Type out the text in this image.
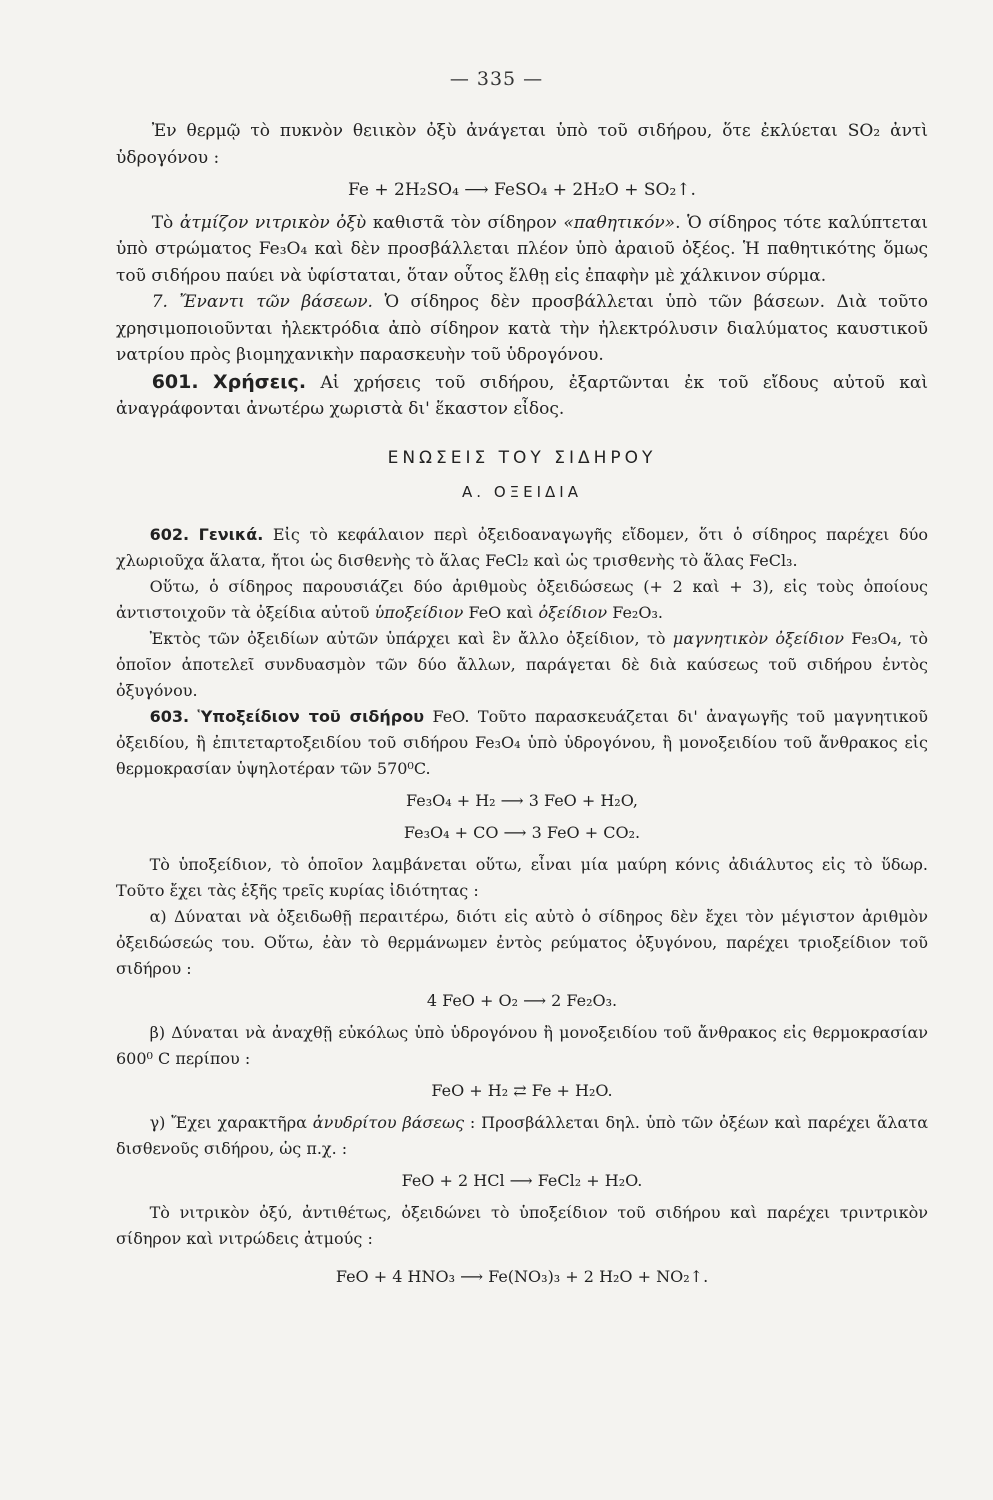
— 335 —

Ἐν θερμῷ τὸ πυκνὸν θειικὸν ὀξὺ ἀνάγεται ὑπὸ τοῦ σιδήρου, ὅτε ἐκλύεται SO₂ ἀντὶ ὑδρογόνου :

Fe + 2H₂SO₄ ⟶ FeSO₄ + 2H₂O + SO₂↑.

Τὸ ἀτμίζον νιτρικὸν ὀξὺ καθιστᾶ τὸν σίδηρον «παθητικόν». Ὁ σίδηρος τότε καλύπτεται ὑπὸ στρώματος Fe₃O₄ καὶ δὲν προσβάλλεται πλέον ὑπὸ ἀραιοῦ ὀξέος. Ἡ παθητικότης ὅμως τοῦ σιδήρου παύει νὰ ὑφίσταται, ὅταν οὗτος ἔλθῃ εἰς ἐπαφὴν μὲ χάλκινον σύρμα.

7. Ἔναντι τῶν βάσεων. Ὁ σίδηρος δὲν προσβάλλεται ὑπὸ τῶν βάσεων. Διὰ τοῦτο χρησιμοποιοῦνται ἠλεκτρόδια ἀπὸ σίδηρον κατὰ τὴν ἠλεκτρόλυσιν διαλύματος καυστικοῦ νατρίου πρὸς βιομηχανικὴν παρασκευὴν τοῦ ὑδρογόνου.

601. Χρήσεις. Αἱ χρήσεις τοῦ σιδήρου, ἐξαρτῶνται ἐκ τοῦ εἴδους αὐτοῦ καὶ ἀναγράφονται ἀνωτέρω χωριστὰ δι' ἕκαστον εἶδος.

ΕΝΩΣΕΙΣ ΤΟΥ ΣΙΔΗΡΟΥ
Α. ΟΞΕΙΔΙΑ

602. Γενικά. Εἰς τὸ κεφάλαιον περὶ ὀξειδοαναγωγῆς εἴδομεν, ὅτι ὁ σίδηρος παρέχει δύο χλωριοῦχα ἅλατα, ἤτοι ὡς δισθενὴς τὸ ἅλας FeCl₂ καὶ ὡς τρισθενὴς τὸ ἅλας FeCl₃.

Οὕτω, ὁ σίδηρος παρουσιάζει δύο ἀριθμοὺς ὀξειδώσεως (+ 2 καὶ + 3), εἰς τοὺς ὁποίους ἀντιστοιχοῦν τὰ ὀξείδια αὐτοῦ ὑποξείδιον FeO καὶ ὀξείδιον Fe₂O₃.

Ἐκτὸς τῶν ὀξειδίων αὐτῶν ὑπάρχει καὶ ἓν ἄλλο ὀξείδιον, τὸ μαγνητικὸν ὀξείδιον Fe₃O₄, τὸ ὁποῖον ἀποτελεῖ συνδυασμὸν τῶν δύο ἄλλων, παράγεται δὲ διὰ καύσεως τοῦ σιδήρου ἐντὸς ὀξυγόνου.

603. Ὑποξείδιον τοῦ σιδήρου FeO. Τοῦτο παρασκευάζεται δι' ἀναγωγῆς τοῦ μαγνητικοῦ ὀξειδίου, ἢ ἐπιτεταρτοξειδίου τοῦ σιδήρου Fe₃O₄ ὑπὸ ὑδρογόνου, ἢ μονοξειδίου τοῦ ἄνθρακος εἰς θερμοκρασίαν ὑψηλοτέραν τῶν 570⁰C.

Fe₃O₄ + H₂ ⟶ 3 FeO + H₂O,
Fe₃O₄ + CO ⟶ 3 FeO + CO₂.

Τὸ ὑποξείδιον, τὸ ὁποῖον λαμβάνεται οὕτω, εἶναι μία μαύρη κόνις ἀδιάλυτος εἰς τὸ ὕδωρ. Τοῦτο ἔχει τὰς ἑξῆς τρεῖς κυρίας ἰδιότητας :

α) Δύναται νὰ ὀξειδωθῇ περαιτέρω, διότι εἰς αὐτὸ ὁ σίδηρος δὲν ἔχει τὸν μέγιστον ἀριθμὸν ὀξειδώσεώς του. Οὕτω, ἐὰν τὸ θερμάνωμεν ἐντὸς ρεύματος ὀξυγόνου, παρέχει τριοξείδιον τοῦ σιδήρου :

4 FeO + O₂ ⟶ 2 Fe₂O₃.

β) Δύναται νὰ ἀναχθῇ εὐκόλως ὑπὸ ὑδρογόνου ἢ μονοξειδίου τοῦ ἄνθρακος εἰς θερμοκρασίαν 600⁰ C περίπου :

FeO + H₂ ⇄ Fe + H₂O.

γ) Ἔχει χαρακτῆρα ἀνυδρίτου βάσεως : Προσβάλλεται δηλ. ὑπὸ τῶν ὀξέων καὶ παρέχει ἅλατα δισθενοῦς σιδήρου, ὡς π.χ. :

FeO + 2 HCl ⟶ FeCl₂ + H₂O.

Τὸ νιτρικὸν ὀξύ, ἀντιθέτως, ὀξειδώνει τὸ ὑποξείδιον τοῦ σιδήρου καὶ παρέχει τριντρικὸν σίδηρον καὶ νιτρώδεις ἀτμούς :

FeO + 4 HNO₃ ⟶ Fe(NO₃)₃ + 2 H₂O + NO₂↑.
